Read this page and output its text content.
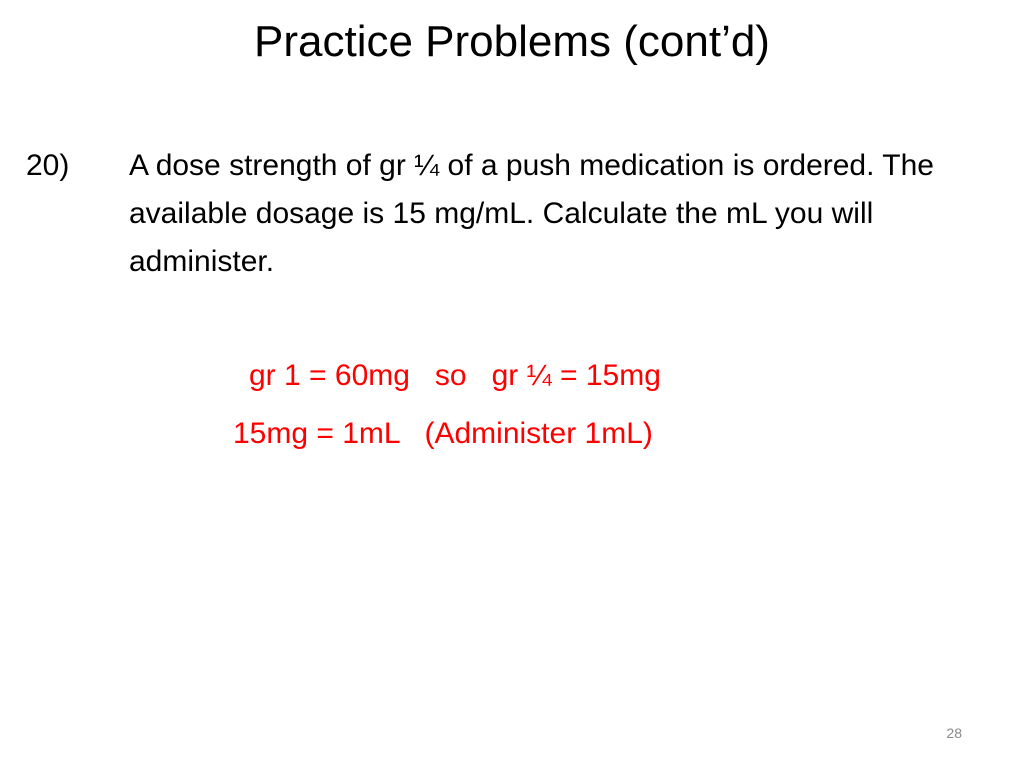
Practice Problems (cont’d)
20) A dose strength of gr ¼ of a push medication is ordered. The available dosage is 15 mg/mL. Calculate the mL you will administer.
gr 1 = 60mg   so   gr ¼ = 15mg
15mg = 1mL   (Administer 1mL)
28
